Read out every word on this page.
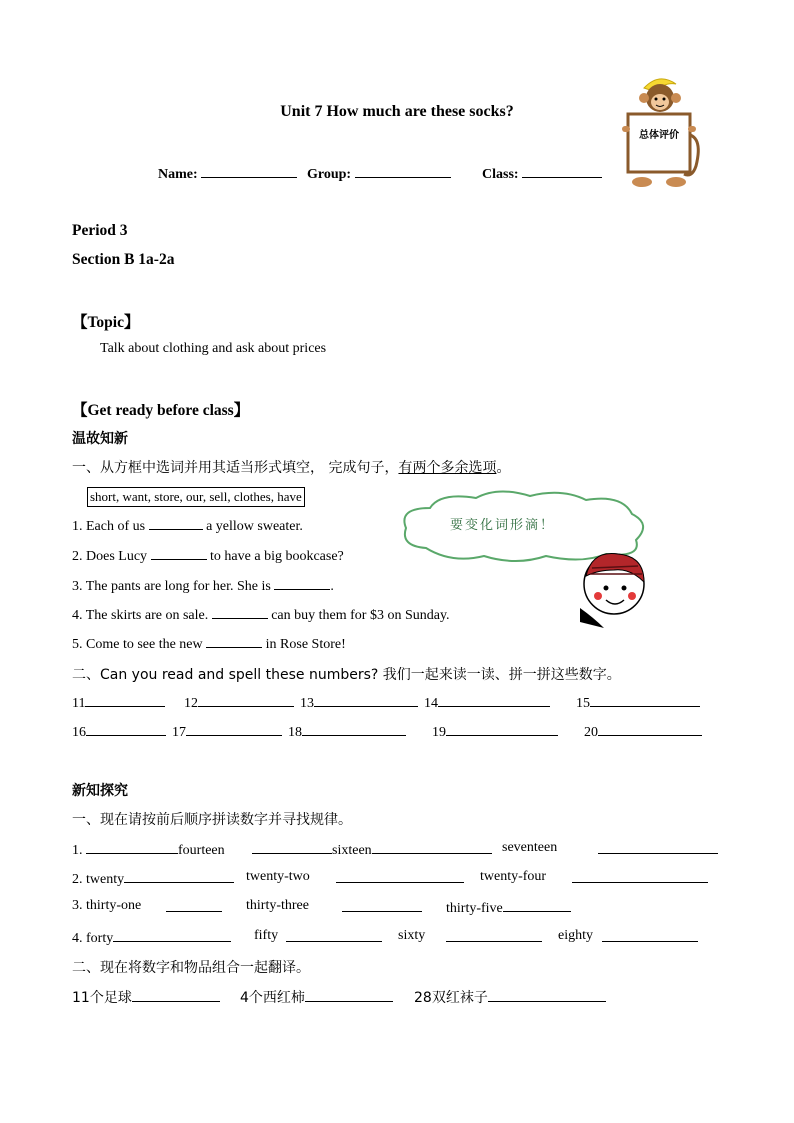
Unit 7 How much are these socks?
总体评价
Name:	Group:	Class:
Period 3
Section B 1a-2a
【Topic】
Talk about clothing and ask about prices
【Get ready before class】
温故知新
一、从方框中选词并用其适当形式填空， 完成句子，有两个多余选项。
short, want, store, our, sell, clothes, have
要变化词形滴！
1. Each of us	a yellow sweater.
2. Does Lucy	to have a big bookcase?
3. The pants are long for her. She is	.
4. The skirts are on sale.	can buy them for $3 on Sunday.
5. Come to see the new	in Rose Store!
二、Can you read and spell these numbers? 我们一起来读一读、拼一拼这些数字。
11	12	13	14	15
16	17	18	19	20
新知探究
一、现在请按前后顺序拼读数字并寻找规律。
1.	fourteen	sixteen	seventeen
2. twenty	twenty-two	twenty-four
3. thirty-one	thirty-three	thirty-five
4. forty	fifty	sixty	eighty
二、现在将数字和物品组合一起翻译。
11个足球	4个西红柿	28双红袜子
